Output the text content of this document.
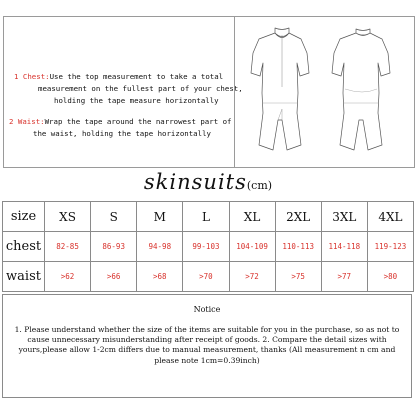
1 Chest:Use the top measurement to take a total
measurement on the fullest part of your chest,
holding the tape measure horizontally
2 Waist:Wrap the tape around the narrowest part of
the waist, holding the tape horizontally
skinsuits(cm)
size	XS	S	M	L	XL	2XL	3XL	4XL
chest	82-85	86-93	94-98	99-103	104-109	110-113	114-118	119-123
waist	>62	>66	>68	>70	>72	>75	>77	>80
Notice
1. Please understand whether the size of the items are suitable for you in the purchase, so as not to cause unnecessary misunderstanding after receipt of goods. 2. Compare the detail sizes with yours,please allow 1-2cm differs due to manual measurement, thanks (All measurement n cm and please note 1cm=0.39inch)
